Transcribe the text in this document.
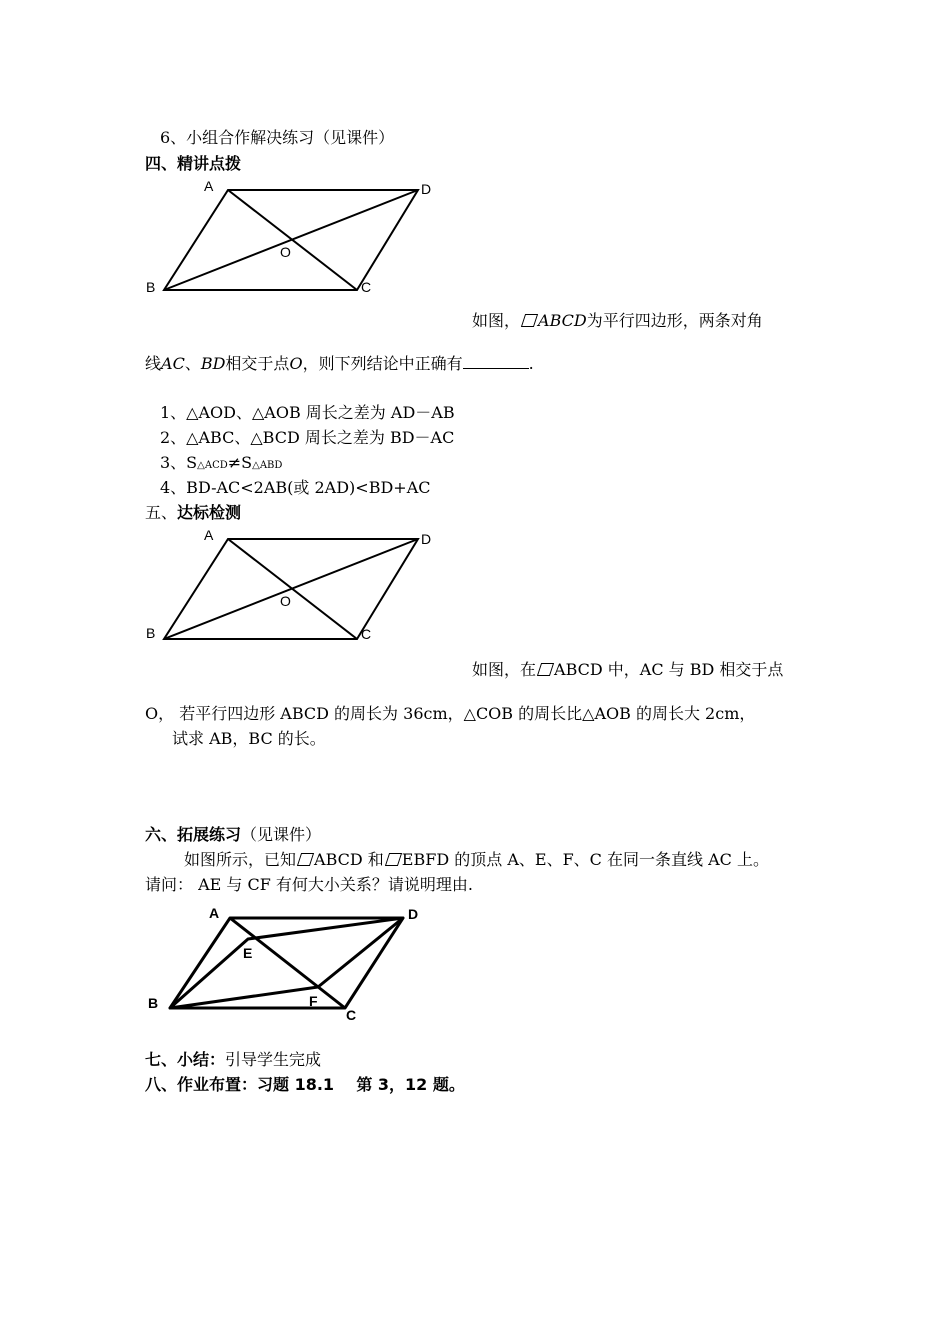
6、小组合作解决练习（见课件）
四、精讲点拨
A	D
O
B	C
如图， ABCD为平行四边形，两条对角
线AC、BD相交于点O，则下列结论中正确有	.
1、△AOD、△AOB 周长之差为 AD－AB
2、△ABC、△BCD 周长之差为 BD－AC
3、S△ACD≠S△ABD
4、BD-AC<2AB(或 2AD)<BD+AC
五、达标检测
A	D
O
B	C
如图，在 ABCD 中，AC 与 BD 相交于点
O， 若平行四边形 ABCD 的周长为 36cm，△COB 的周长比△AOB 的周长大 2cm，
试求 AB，BC 的长。
六、拓展练习（见课件）
如图所示，已知 ABCD 和 EBFD 的顶点 A、E、F、C 在同一条直线 AC 上。
请问： AE 与 CF 有何大小关系？请说明理由.
A	D
E
B	F
C
七、小结：引导学生完成
八、作业布置：习题 18.1    第 3，12 题。
